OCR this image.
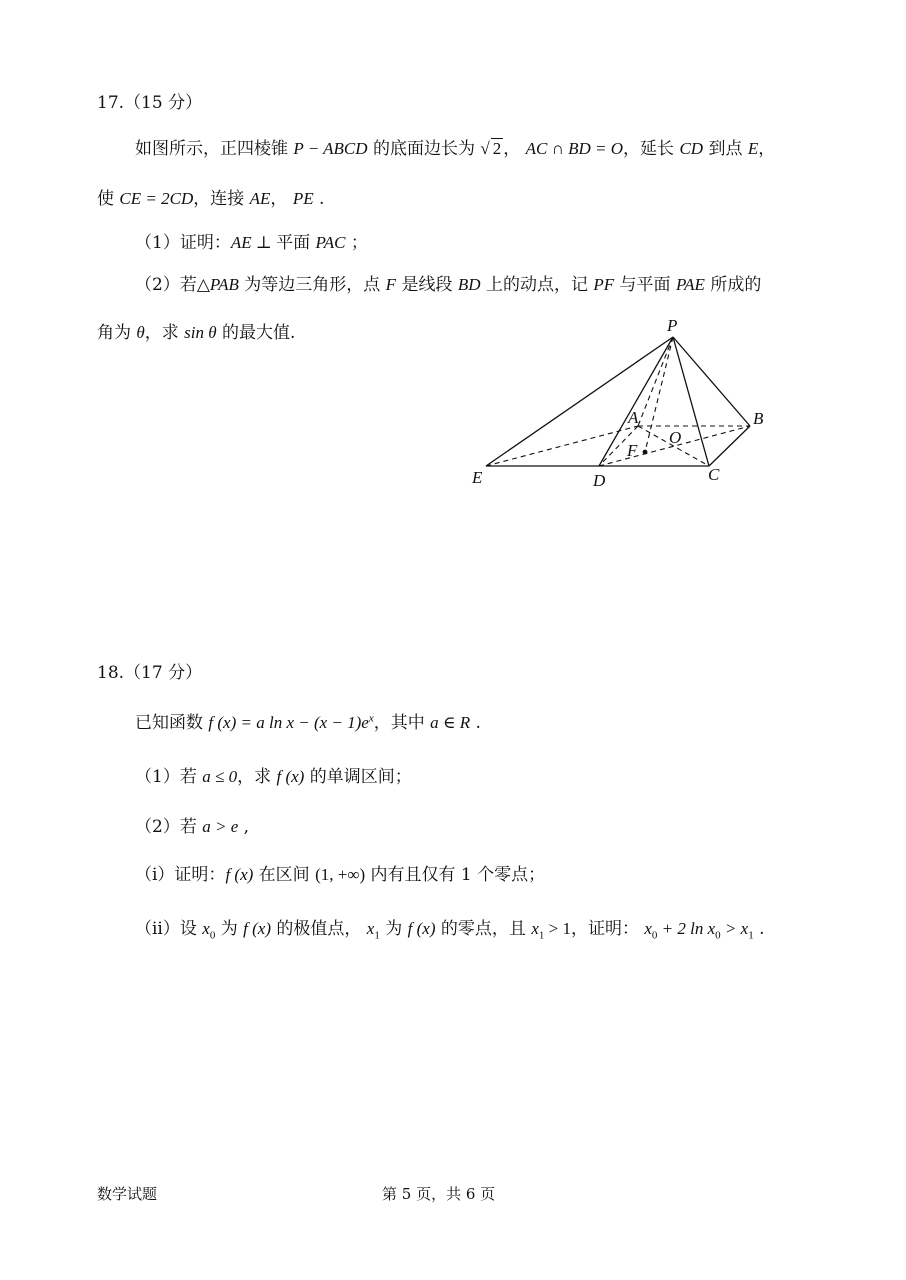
17.（15 分）
如图所示，正四棱锥 P − ABCD 的底面边长为 √ 2 ， AC ∩ BD = O，延长 CD 到点 E，
使 CE = 2CD，连接 AE， PE .
（1）证明：AE ⊥ 平面 PAC ；
（2）若△PAB 为等边三角形，点 F 是线段 BD 上的动点，记 PF 与平面 PAE 所成的
角为 θ，求 sin θ 的最大值.	P
A	B
O
F
E	D	C
18.（17 分）
已知函数 f (x) = a $\ln x - (x - 1)e^x$，其中 a ∈ R .
（1）若 a ≤ 0，求 f (x) 的单调区间；
（2）若 a > e ,
（i）证明：f (x) 在区间 (1, +∞) 内有且仅有 1 个零点；
（ii）设 $x_0$ 为 f (x) 的极值点， $x_1$ 为 f (x) 的零点，且 $x_1 > 1$，证明： $x_0 + 2$ $\ln x_0 > x_1$ .
数学试题	第 5 页，共 6 页
